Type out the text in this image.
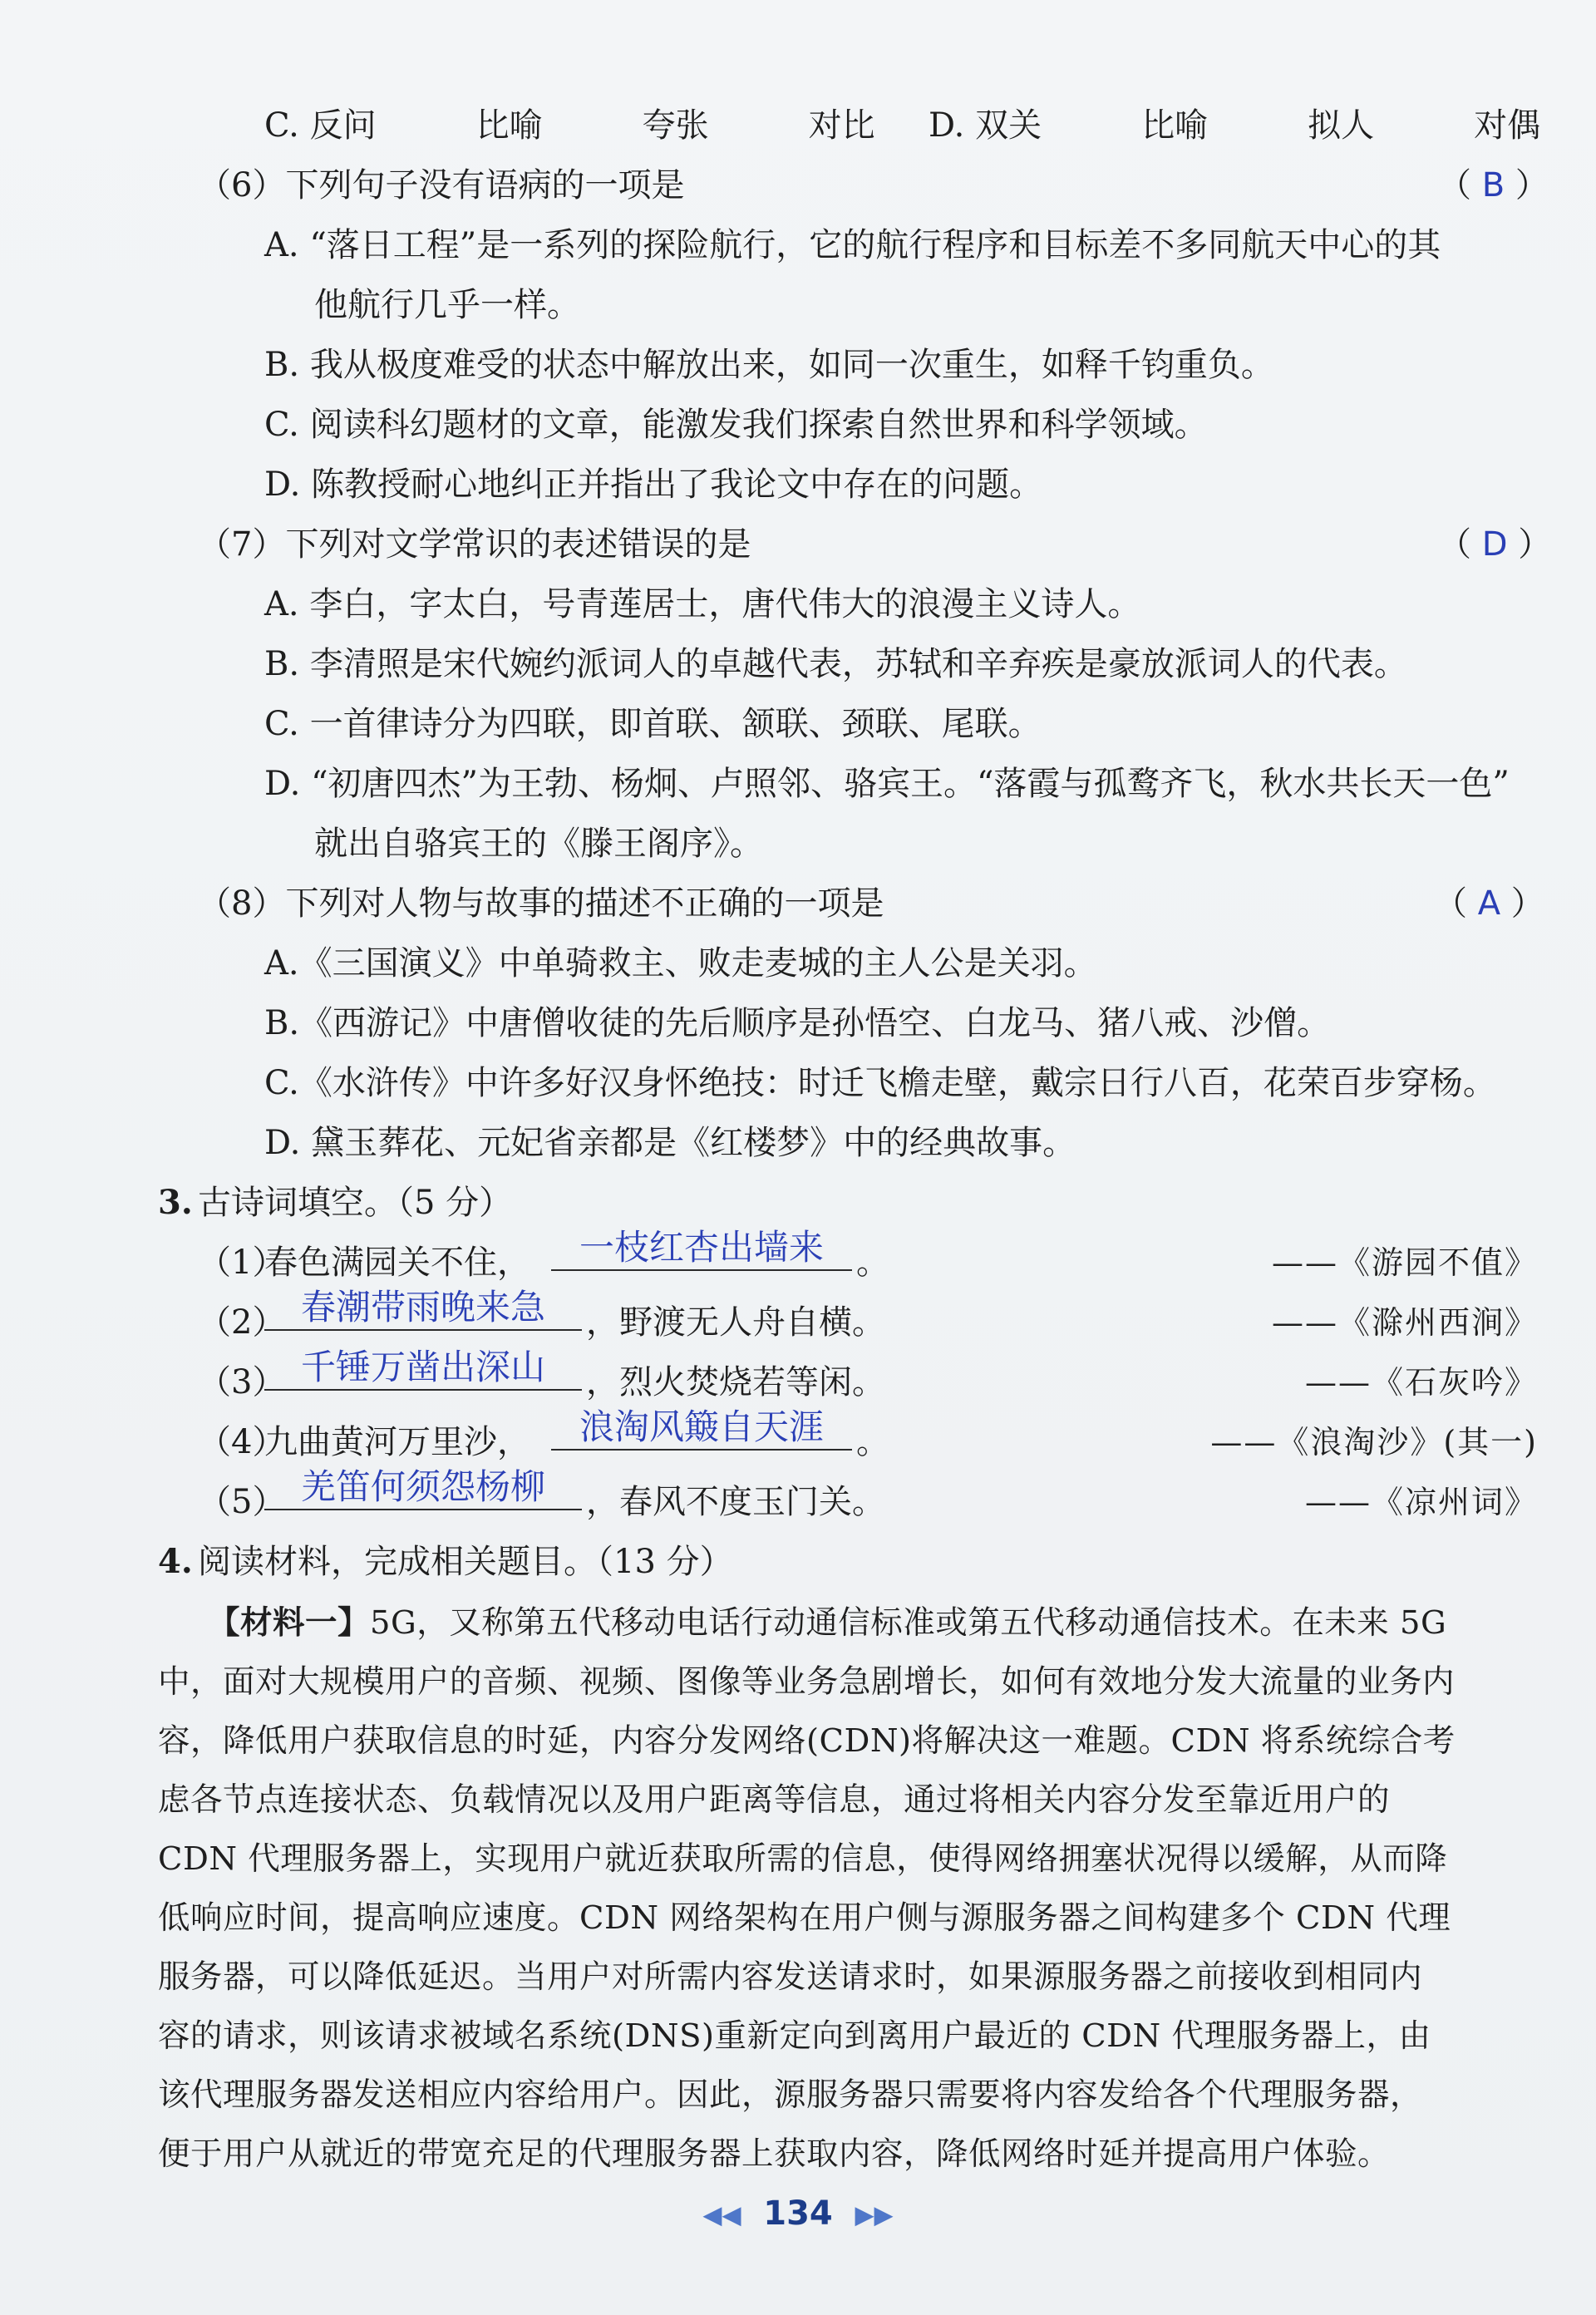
C. 反问　　　比喻　　　夸张　　　对比 D. 双关　　　比喻　　　拟人　　　对偶
（6）下列句子没有语病的一项是	（ B ）
A. “落日工程”是一系列的探险航行，它的航行程序和目标差不多同航天中心的其
他航行几乎一样。
B. 我从极度难受的状态中解放出来，如同一次重生，如释千钧重负。
C. 阅读科幻题材的文章，能激发我们探索自然世界和科学领域。
D. 陈教授耐心地纠正并指出了我论文中存在的问题。
（7）下列对文学常识的表述错误的是	（ D ）
A. 李白，字太白，号青莲居士，唐代伟大的浪漫主义诗人。
B. 李清照是宋代婉约派词人的卓越代表，苏轼和辛弃疾是豪放派词人的代表。
C. 一首律诗分为四联，即首联、颔联、颈联、尾联。
D. “初唐四杰”为王勃、杨炯、卢照邻、骆宾王。“落霞与孤鹜齐飞，秋水共长天一色”
就出自骆宾王的《滕王阁序》。
（8）下列对人物与故事的描述不正确的一项是	（ A ）
A.《三国演义》中单骑救主、败走麦城的主人公是关羽。
B.《西游记》中唐僧收徒的先后顺序是孙悟空、白龙马、猪八戒、沙僧。
C.《水浒传》中许多好汉身怀绝技：时迁飞檐走壁，戴宗日行八百，花荣百步穿杨。
D. 黛玉葬花、元妃省亲都是《红楼梦》中的经典故事。
3. 古诗词填空。（5 分）
（1）
春色满园关不住，	一枝红杏出墙来 。	——《游园不值》
（2） 春潮带雨晚来急	，野渡无人舟自横。	——《滁州西涧》
（3） 千锤万凿出深山	，烈火焚烧若等闲。	——《石灰吟》
（4）
九曲黄河万里沙，	浪淘风簸自天涯 。	——《浪淘沙》(其一)
（5） 羌笛何须怨杨柳	，春风不度玉门关。	——《凉州词》
4. 阅读材料，完成相关题目。（13 分）
【材料一】5G，又称第五代移动电话行动通信标准或第五代移动通信技术。在未来 5G
中，面对大规模用户的音频、视频、图像等业务急剧增长，如何有效地分发大流量的业务内
容，降低用户获取信息的时延，内容分发网络(CDN)将解决这一难题。CDN 将系统综合考
虑各节点连接状态、负载情况以及用户距离等信息，通过将相关内容分发至靠近用户的
CDN 代理服务器上，实现用户就近获取所需的信息，使得网络拥塞状况得以缓解，从而降
低响应时间，提高响应速度。CDN 网络架构在用户侧与源服务器之间构建多个 CDN 代理
服务器，可以降低延迟。当用户对所需内容发送请求时，如果源服务器之前接收到相同内
容的请求，则该请求被域名系统(DNS)重新定向到离用户最近的 CDN 代理服务器上，由
该代理服务器发送相应内容给用户。因此，源服务器只需要将内容发给各个代理服务器，
便于用户从就近的带宽充足的代理服务器上获取内容，降低网络时延并提高用户体验。
◀◀ 134 ▶▶
